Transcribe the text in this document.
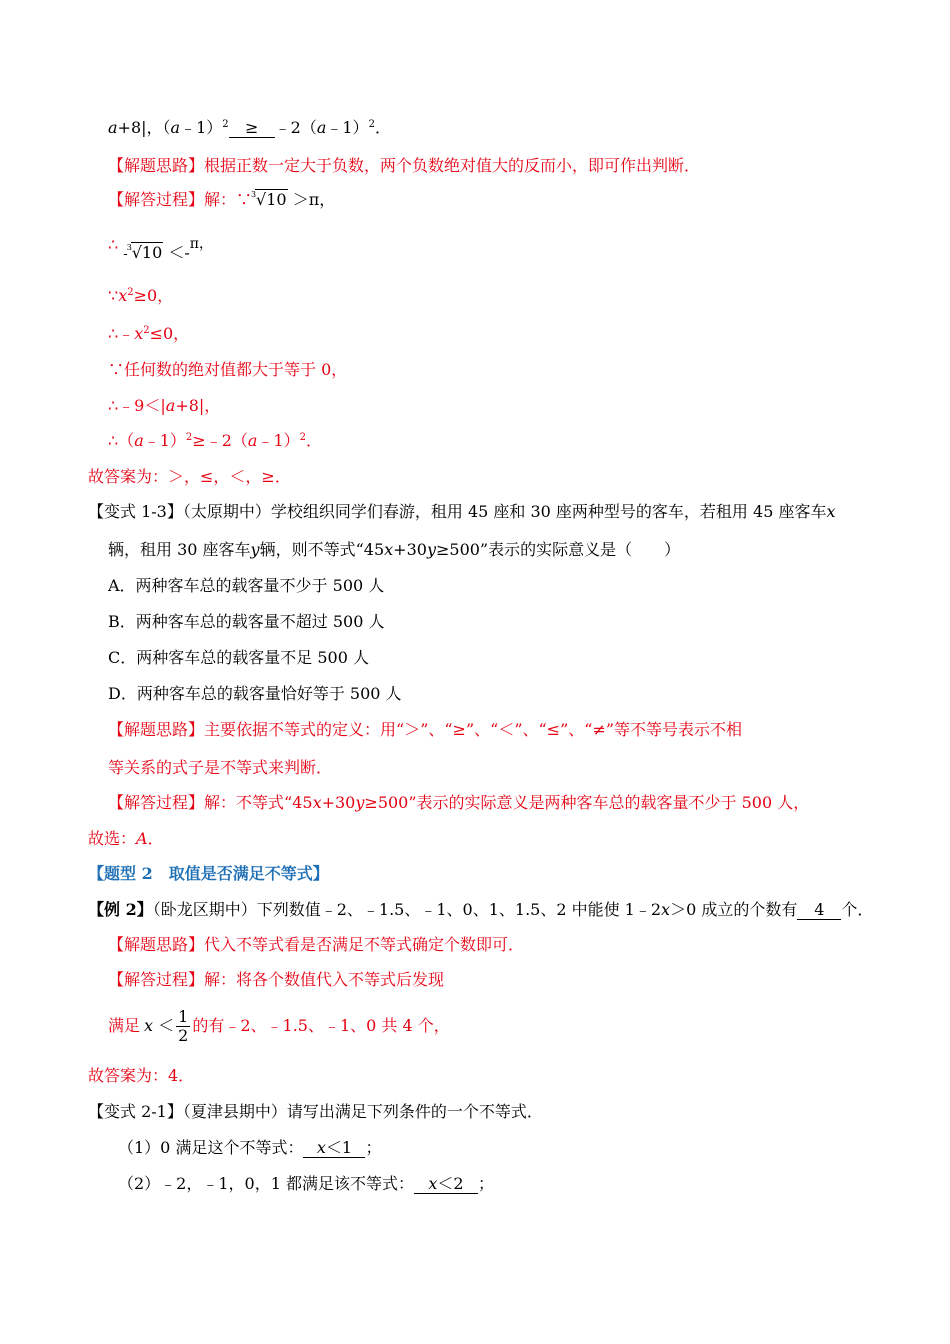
a+8|，（a﹣1）$^2$ ≥ ﹣2（a﹣1）$^2$．
【解题思路】根据正数一定大于负数，两个负数绝对值大的反而小，即可作出判断．
【解答过程】解：∵ 3 √10 ＞π，
∴ - 3 √10 ＜-π，
$\because x^2\ge 0$，
$\therefore﹣x^2\le 0$，
∵任何数的绝对值都大于等于 0，
∴﹣9＜|a+8|，
∴（a﹣1）$^2$≥﹣2（a﹣1）$^2$．
故答案为：＞，≤，＜，≥．
【变式 1-3】（太原期中）学校组织同学们春游，租用 45 座和 30 座两种型号的客车，若租用 45 座客车x
辆，租用 30 座客车y辆，则不等式“45x+30y≥500”表示的实际意义是（　　）
A．两种客车总的载客量不少于 500 人
B．两种客车总的载客量不超过 500 人
C．两种客车总的载客量不足 500 人
D．两种客车总的载客量恰好等于 500 人
【解题思路】主要依据不等式的定义：用“＞”、“≥”、“＜”、“≤”、“≠”等不等号表示不相
等关系的式子是不等式来判断．
【解答过程】解：不等式“45x+30y≥500”表示的实际意义是两种客车总的载客量不少于 500 人，
故选：A．
【题型 2　取值是否满足不等式】
【例 2】（卧龙区期中）下列数值﹣2、﹣1.5、﹣1、0、1、1.5、2 中能使 1﹣2x＞0 成立的个数有 4 个．
【解题思路】代入不等式看是否满足不等式确定个数即可．
【解答过程】解：将各个数值代入不等式后发现
满足 $x < \frac{1}{2}$ 的有﹣2、﹣1.5、﹣1、0 共 4 个，
故答案为：4．
【变式 2-1】（夏津县期中）请写出满足下列条件的一个不等式．
（1）0 满足这个不等式： x＜1 ；
（2）﹣2，﹣1，0，1 都满足该不等式： x＜2 ；
